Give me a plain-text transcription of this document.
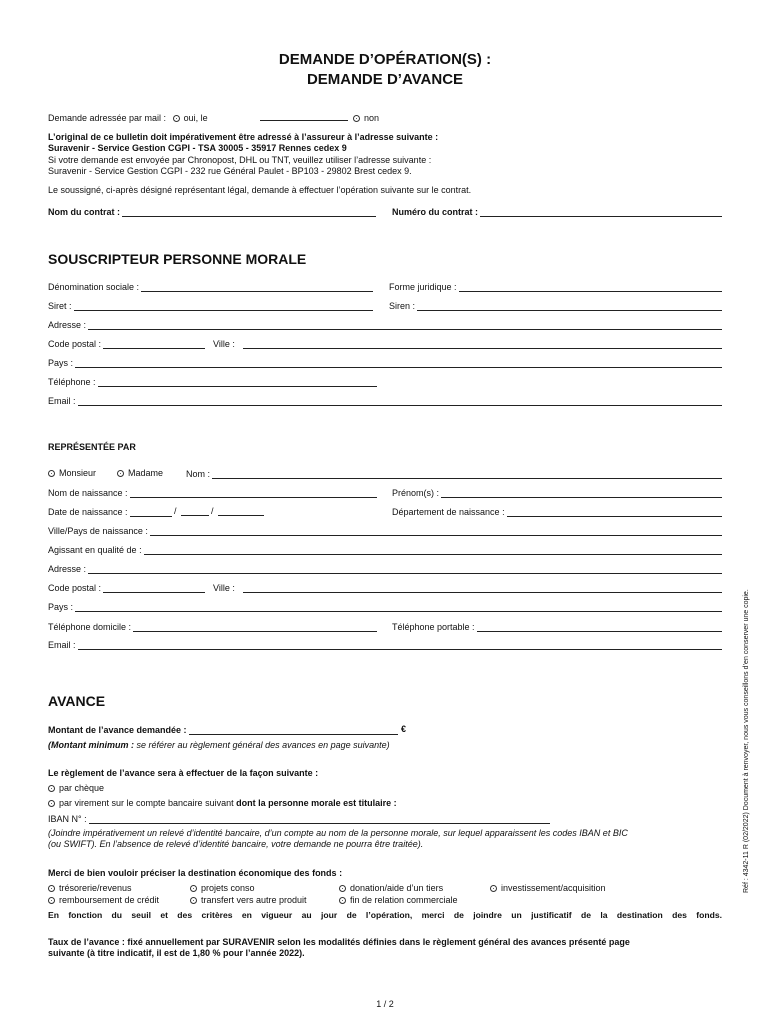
DEMANDE D’OPÉRATION(S) :
DEMANDE D’AVANCE
Demande adressée par mail : oui, le	non
L’original de ce bulletin doit impérativement être adressé à l’assureur à l’adresse suivante :
Suravenir - Service Gestion CGPI - TSA 30005 - 35917 Rennes cedex 9
Si votre demande est envoyée par Chronopost, DHL ou TNT, veuillez utiliser l’adresse suivante :
Suravenir - Service Gestion CGPI - 232 rue Général Paulet - BP103 - 29802 Brest cedex 9.
Le soussigné, ci-après désigné représentant légal, demande à effectuer l’opération suivante sur le contrat.
Nom du contrat :	Numéro du contrat :
SOUSCRIPTEUR PERSONNE MORALE
Dénomination sociale :	Forme juridique :
Siret :	Siren :
Adresse :
Code postal :	Ville :
Pays :
Téléphone :
Email :
REPRÉSENTÉE PAR
Monsieur	Madame	Nom :
Nom de naissance :	Prénom(s) :
Date de naissance :	/	/	Département de naissance :
Ville/Pays de naissance :
Agissant en qualité de :
Adresse :
Code postal :	Ville :
Pays :
Téléphone domicile :	Téléphone portable :
Email :
AVANCE
Montant de l’avance demandée :	€
(Montant minimum : se référer au règlement général des avances en page suivante)
Le règlement de l’avance sera à effectuer de la façon suivante :
par chèque
par virement sur le compte bancaire suivant dont la personne morale est titulaire :
IBAN N° :
(Joindre impérativement un relevé d’identité bancaire, d’un compte au nom de la personne morale, sur lequel apparaissent les codes IBAN et BIC
(ou SWIFT). En l’absence de relevé d’identité bancaire, votre demande ne pourra être traitée).
Merci de bien vouloir préciser la destination économique des fonds :
trésorerie/revenus	projets conso	donation/aide d’un tiers	investissement/acquisition
remboursement de crédit	transfert vers autre produit	fin de relation commerciale
En fonction du seuil et des critères en vigueur au jour de l’opération, merci de joindre un justificatif de la destination des fonds.
Taux de l’avance : fixé annuellement par SURAVENIR selon les modalités définies dans le règlement général des avances présenté page
suivante (à titre indicatif, il est de 1,80 % pour l’année 2022).
1 / 2
Réf : 4342-11 R (02/2022) Document à renvoyer, nous vous conseillons d’en conserver une copie.
